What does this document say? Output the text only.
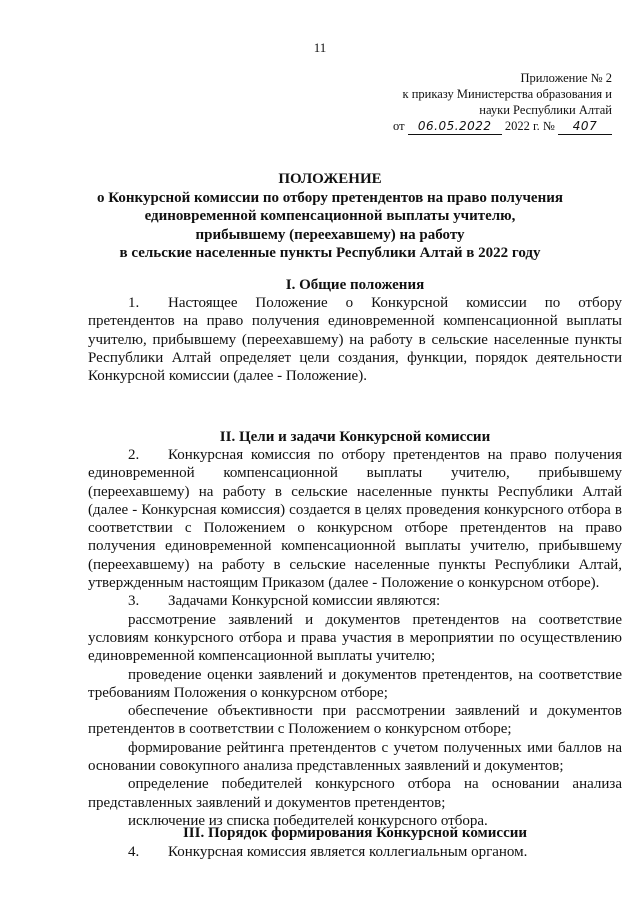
11
Приложение № 2
к приказу Министерства образования и
науки Республики Алтай
от 06.05.2022 2022 г. № 407
ПОЛОЖЕНИЕ
о Конкурсной комиссии по отбору претендентов на право получения
единовременной компенсационной выплаты учителю,
прибывшему (переехавшему) на работу
в сельские населенные пункты Республики Алтай в 2022 году
I. Общие положения

1. Настоящее Положение о Конкурсной комиссии по отбору претендентов на право получения единовременной компенсационной выплаты учителю, прибывшему (переехавшему) на работу в сельские населенные пункты Республики Алтай определяет цели создания, функции, порядок деятельности Конкурсной комиссии (далее - Положение).

II. Цели и задачи Конкурсной комиссии

2. Конкурсная комиссия по отбору претендентов на право получения единовременной компенсационной выплаты учителю, прибывшему (переехавшему) на работу в сельские населенные пункты Республики Алтай (далее - Конкурсная комиссия) создается в целях проведения конкурсного отбора в соответствии с Положением о конкурсном отборе претендентов на право получения единовременной компенсационной выплаты учителю, прибывшему (переехавшему) на работу в сельские населенные пункты Республики Алтай, утвержденным настоящим Приказом (далее - Положение о конкурсном отборе).

3. Задачами Конкурсной комиссии являются:

рассмотрение заявлений и документов претендентов на соответствие условиям конкурсного отбора и права участия в мероприятии по осуществлению единовременной компенсационной выплаты учителю;

проведение оценки заявлений и документов претендентов, на соответствие требованиям Положения о конкурсном отборе;

обеспечение объективности при рассмотрении заявлений и документов претендентов в соответствии с Положением о конкурсном отборе;

формирование рейтинга претендентов с учетом полученных ими баллов на основании совокупного анализа представленных заявлений и документов;

определение победителей конкурсного отбора на основании анализа представленных заявлений и документов претендентов;

исключение из списка победителей конкурсного отбора.

III. Порядок формирования Конкурсной комиссии

4. Конкурсная комиссия является коллегиальным органом.
